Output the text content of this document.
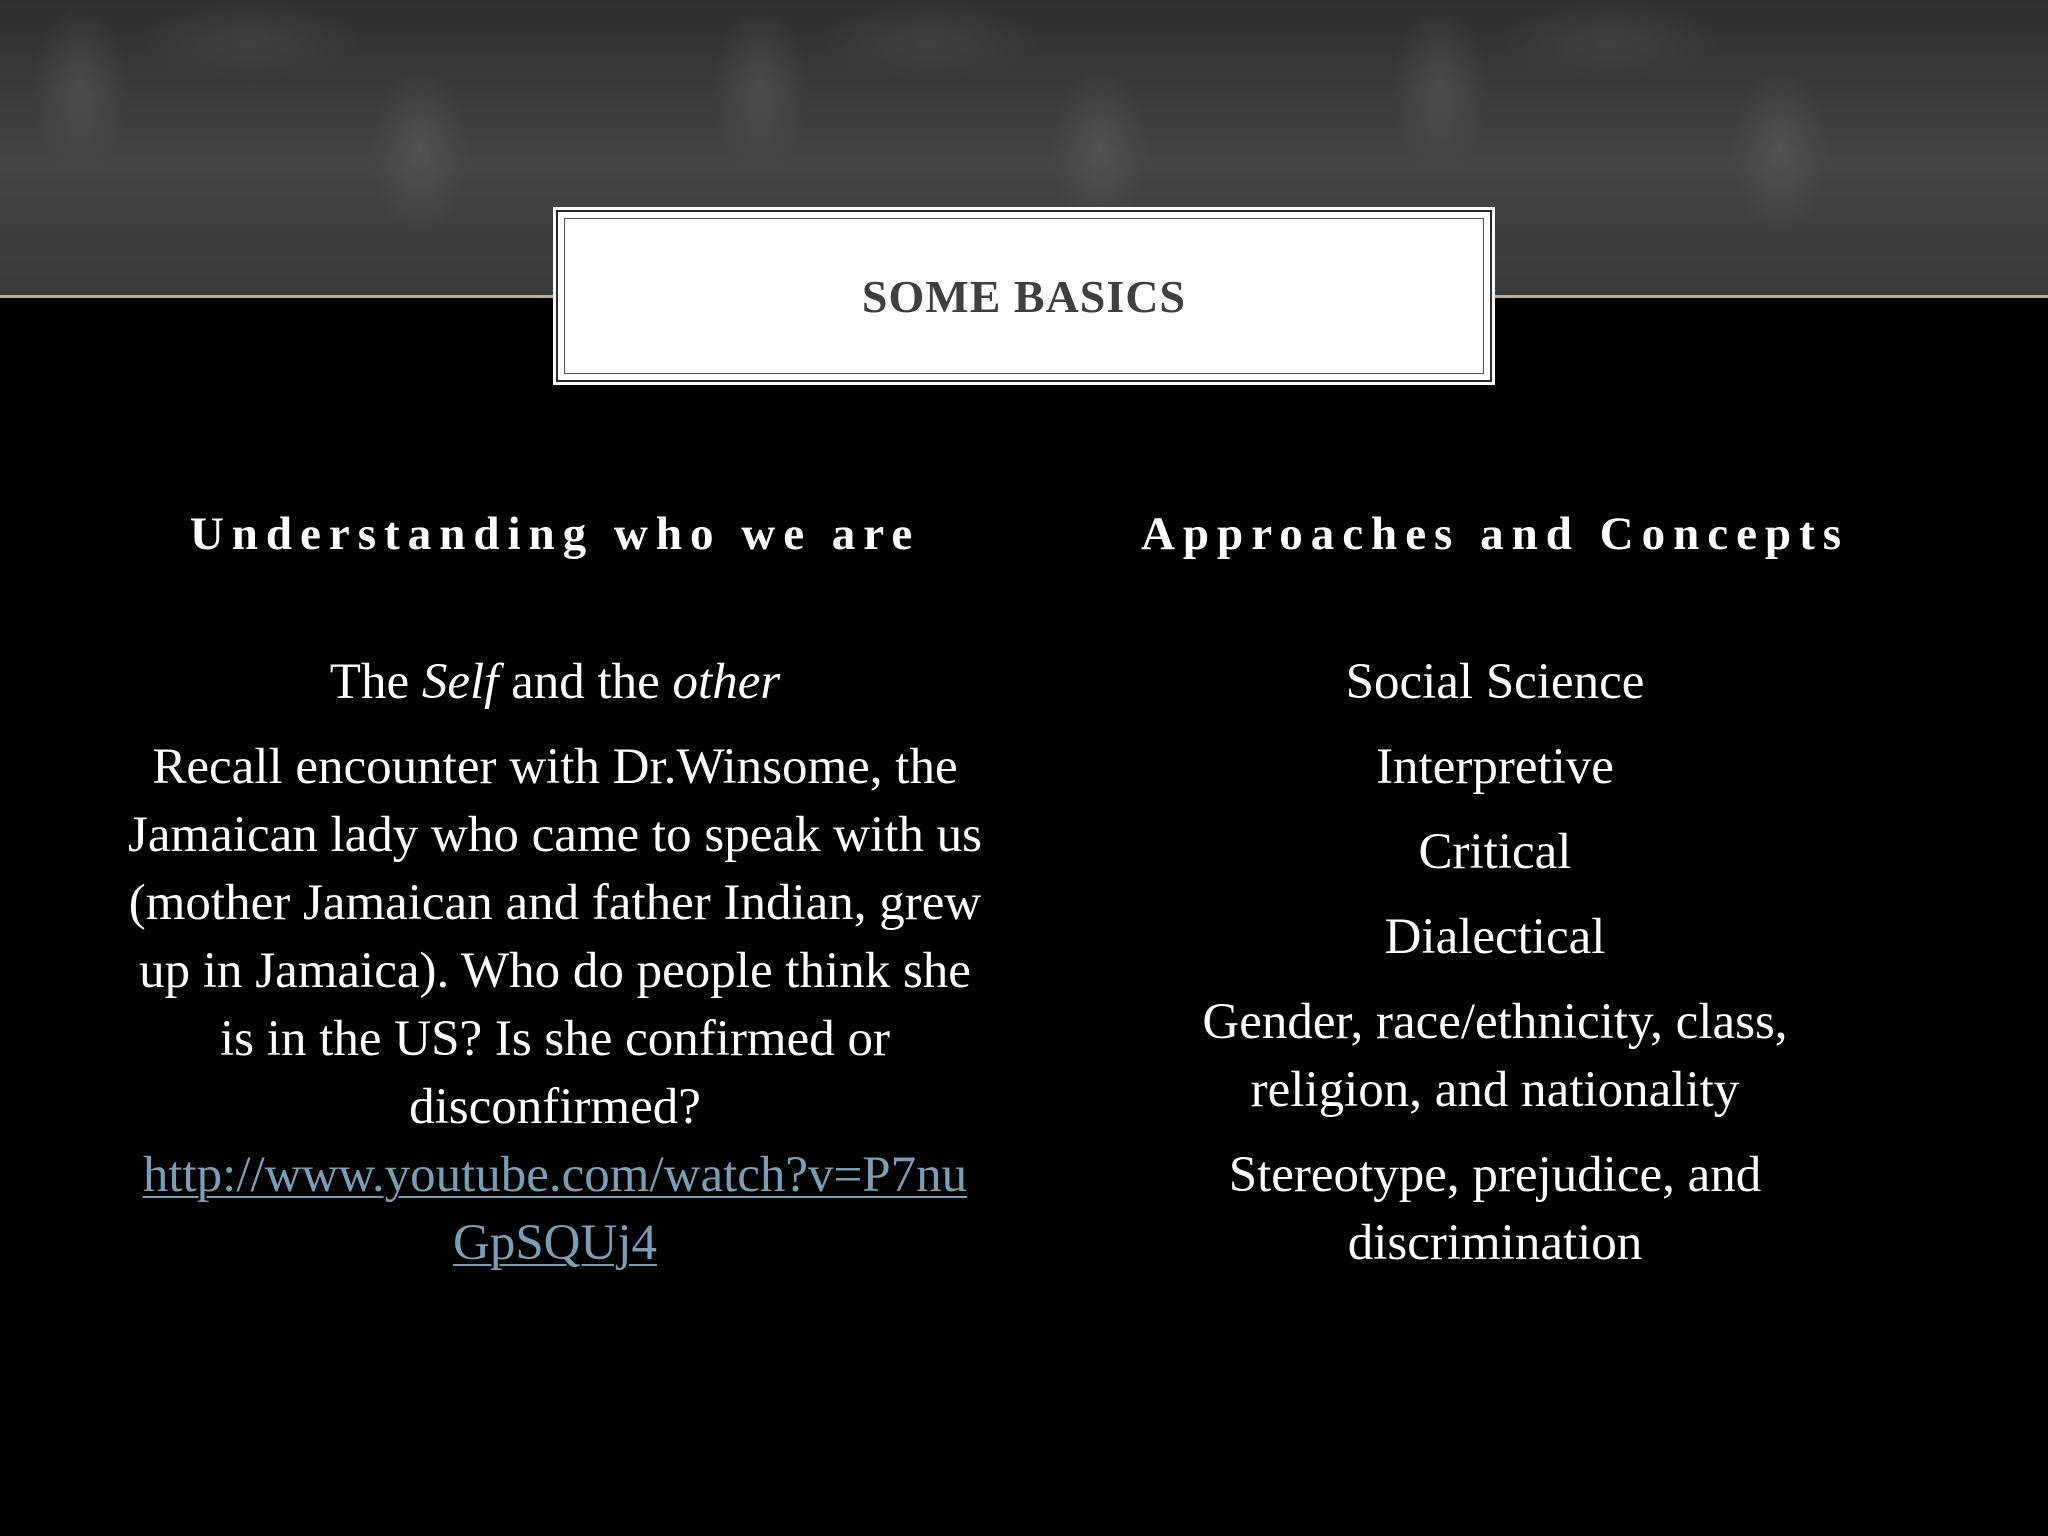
SOME BASICS

Understanding who we are

The Self and the other

Recall encounter with Dr.Winsome, the Jamaican lady who came to speak with us (mother Jamaican and father Indian, grew up in Jamaica). Who do people think she is in the US? Is she confirmed or disconfirmed?

http://www.youtube.com/watch?v=P7nuGpSQUj4

Approaches and Concepts

Social Science

Interpretive

Critical

Dialectical

Gender, race/ethnicity, class, religion, and nationality

Stereotype, prejudice, and discrimination
